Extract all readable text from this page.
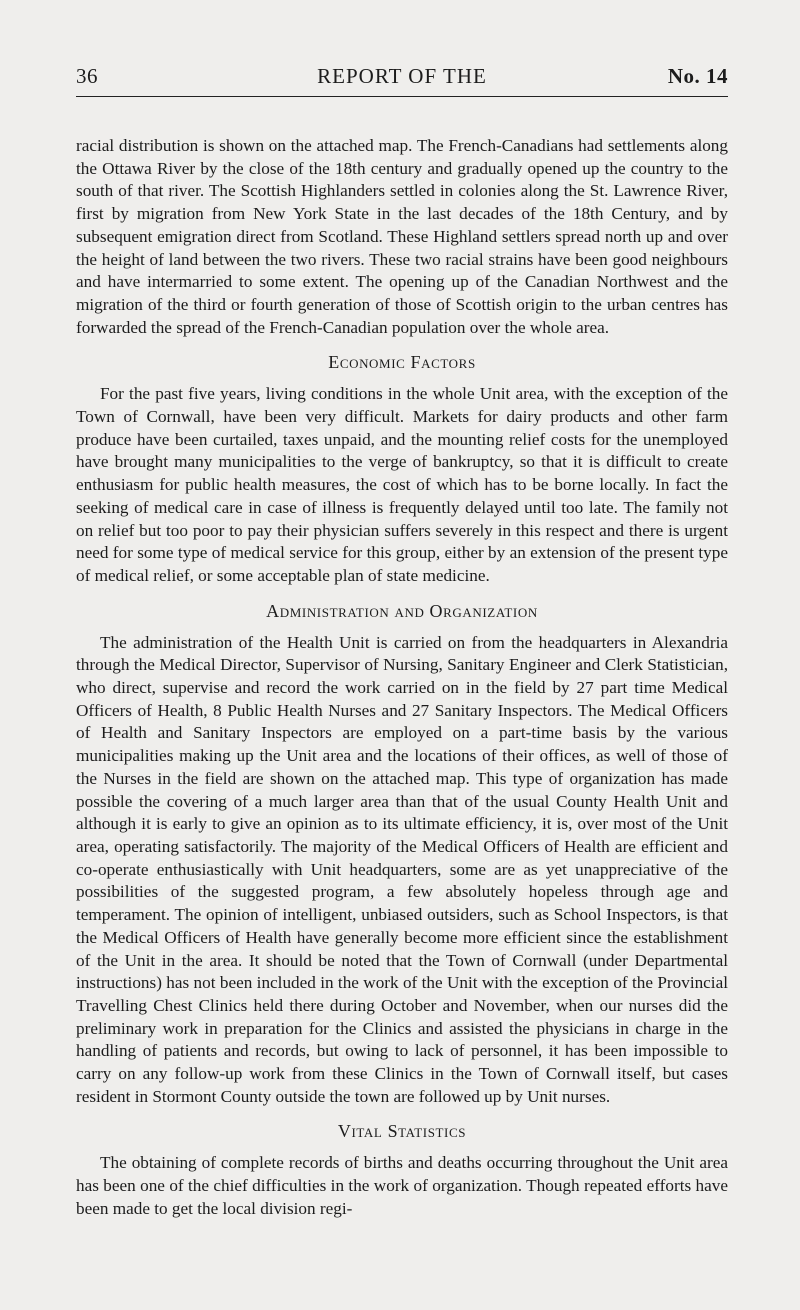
36	REPORT OF THE	No. 14

racial distribution is shown on the attached map. The French-Canadians had settlements along the Ottawa River by the close of the 18th century and gradually opened up the country to the south of that river. The Scottish Highlanders settled in colonies along the St. Lawrence River, first by migration from New York State in the last decades of the 18th Century, and by subsequent emigration direct from Scotland. These Highland settlers spread north up and over the height of land between the two rivers. These two racial strains have been good neighbours and have intermarried to some extent. The opening up of the Canadian Northwest and the migration of the third or fourth generation of those of Scottish origin to the urban centres has forwarded the spread of the French-Canadian population over the whole area.

Economic Factors

For the past five years, living conditions in the whole Unit area, with the exception of the Town of Cornwall, have been very difficult. Markets for dairy products and other farm produce have been curtailed, taxes unpaid, and the mounting relief costs for the unemployed have brought many municipalities to the verge of bankruptcy, so that it is difficult to create enthusiasm for public health measures, the cost of which has to be borne locally. In fact the seeking of medical care in case of illness is frequently delayed until too late. The family not on relief but too poor to pay their physician suffers severely in this respect and there is urgent need for some type of medical service for this group, either by an extension of the present type of medical relief, or some acceptable plan of state medicine.

Administration and Organization

The administration of the Health Unit is carried on from the headquarters in Alexandria through the Medical Director, Supervisor of Nursing, Sanitary Engineer and Clerk Statistician, who direct, supervise and record the work carried on in the field by 27 part time Medical Officers of Health, 8 Public Health Nurses and 27 Sanitary Inspectors. The Medical Officers of Health and Sanitary Inspectors are employed on a part-time basis by the various municipalities making up the Unit area and the locations of their offices, as well of those of the Nurses in the field are shown on the attached map. This type of organization has made possible the covering of a much larger area than that of the usual County Health Unit and although it is early to give an opinion as to its ultimate efficiency, it is, over most of the Unit area, operating satisfactorily. The majority of the Medical Officers of Health are efficient and co-operate enthusiastically with Unit headquarters, some are as yet unappreciative of the possibilities of the suggested program, a few absolutely hopeless through age and temperament. The opinion of intelligent, unbiased outsiders, such as School Inspectors, is that the Medical Officers of Health have generally become more efficient since the establishment of the Unit in the area. It should be noted that the Town of Cornwall (under Departmental instructions) has not been included in the work of the Unit with the exception of the Provincial Travelling Chest Clinics held there during October and November, when our nurses did the preliminary work in preparation for the Clinics and assisted the physicians in charge in the handling of patients and records, but owing to lack of personnel, it has been impossible to carry on any follow-up work from these Clinics in the Town of Cornwall itself, but cases resident in Stormont County outside the town are followed up by Unit nurses.

Vital Statistics

The obtaining of complete records of births and deaths occurring throughout the Unit area has been one of the chief difficulties in the work of organization. Though repeated efforts have been made to get the local division regi-
